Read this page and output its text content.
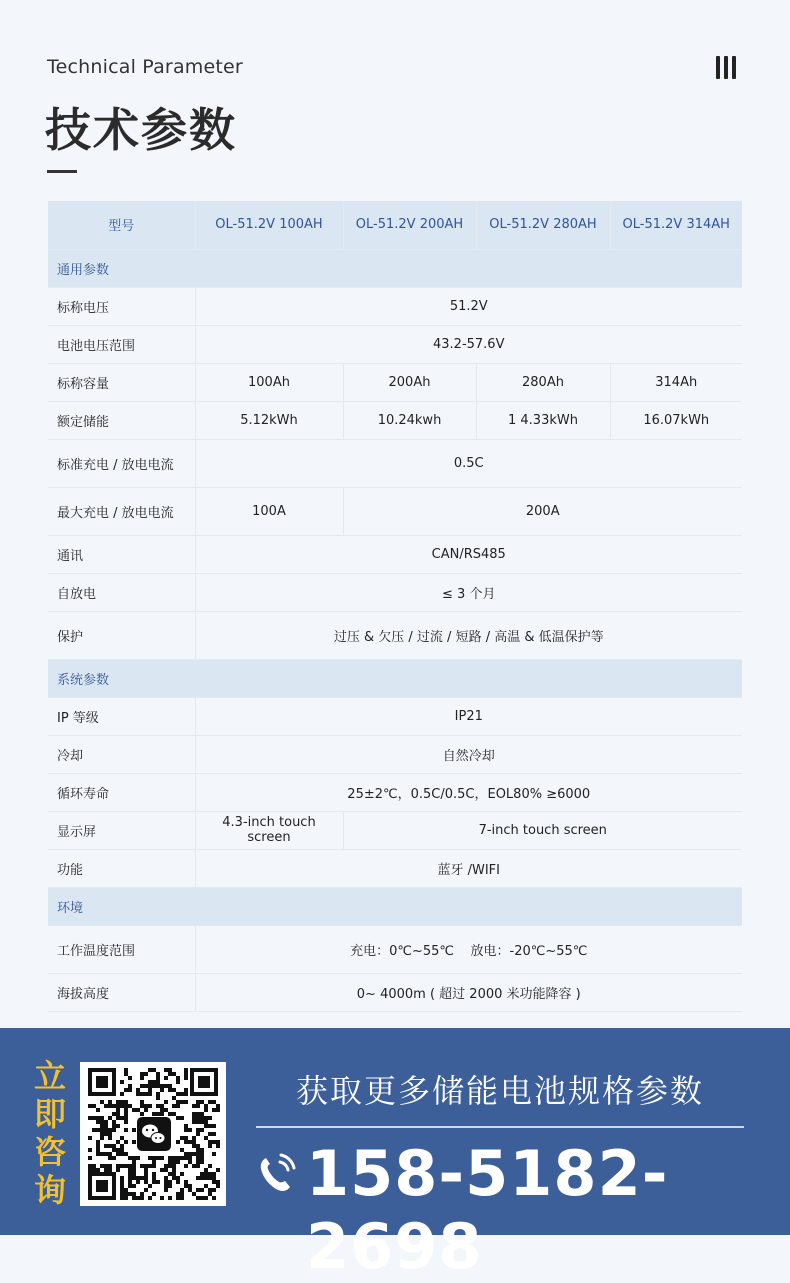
Technical Parameter
技术参数
型号	OL-51.2V 100AH	OL-51.2V 200AH	OL-51.2V 280AH	OL-51.2V 314AH
通用参数				
标称电压	51.2V			
电池电压范围	43.2-57.6V			
标称容量	100Ah	200Ah	280Ah	314Ah
额定储能	5.12kWh	10.24kwh	1 4.33kWh	16.07kWh
标准充电 / 放电电流	0.5C			
最大充电 / 放电电流	100A	200A		
通讯	CAN/RS485			
自放电	≤ 3 个月			
保护	过压 & 欠压 / 过流 / 短路 / 高温 & 低温保护等			
系统参数				
IP 等级	IP21			
冷却	自然冷却			
循环寿命	25±2℃，0.5C/0.5C，EOL80% ≥6000			
显示屏	4.3-inch touch screen	7-inch touch screen		
功能	蓝牙 /WIFI			
环境				
工作温度范围	充电：0℃~55℃    放电：-20℃~55℃			
海拔高度	0~ 4000m ( 超过 2000 米功能降容 )			
立
即
咨
询
获取更多储能电池规格参数
158-5182-2698
